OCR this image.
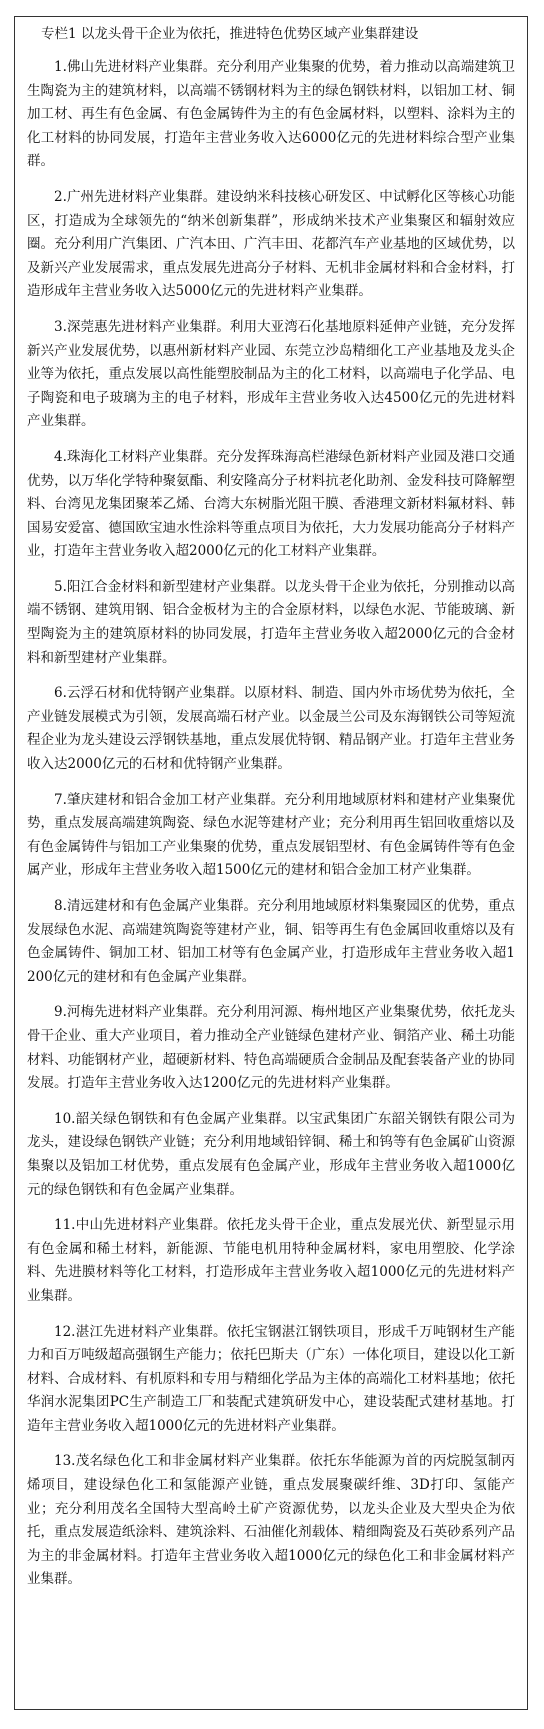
专栏1 以龙头骨干企业为依托，推进特色优势区域产业集群建设

1.佛山先进材料产业集群。充分利用产业集聚的优势，着力推动以高端建筑卫生陶瓷为主的建筑材料，以高端不锈钢材料为主的绿色钢铁材料，以铝加工材、铜加工材、再生有色金属、有色金属铸件为主的有色金属材料，以塑料、涂料为主的化工材料的协同发展，打造年主营业务收入达6000亿元的先进材料综合型产业集群。

2.广州先进材料产业集群。建设纳米科技核心研发区、中试孵化区等核心功能区，打造成为全球领先的“纳米创新集群”，形成纳米技术产业集聚区和辐射效应圈。充分利用广汽集团、广汽本田、广汽丰田、花都汽车产业基地的区域优势，以及新兴产业发展需求，重点发展先进高分子材料、无机非金属材料和合金材料，打造形成年主营业务收入达5000亿元的先进材料产业集群。

3.深莞惠先进材料产业集群。利用大亚湾石化基地原料延伸产业链，充分发挥新兴产业发展优势，以惠州新材料产业园、东莞立沙岛精细化工产业基地及龙头企业等为依托，重点发展以高性能塑胶制品为主的化工材料，以高端电子化学品、电子陶瓷和电子玻璃为主的电子材料，形成年主营业务收入达4500亿元的先进材料产业集群。

4.珠海化工材料产业集群。充分发挥珠海高栏港绿色新材料产业园及港口交通优势，以万华化学特种聚氨酯、利安隆高分子材料抗老化助剂、金发科技可降解塑料、台湾见龙集团聚苯乙烯、台湾大东树脂光阻干膜、香港理文新材料氟材料、韩国易安爱富、德国欧宝迪水性涂料等重点项目为依托，大力发展功能高分子材料产业，打造年主营业务收入超2000亿元的化工材料产业集群。

5.阳江合金材料和新型建材产业集群。以龙头骨干企业为依托，分别推动以高端不锈钢、建筑用钢、铝合金板材为主的合金原材料，以绿色水泥、节能玻璃、新型陶瓷为主的建筑原材料的协同发展，打造年主营业务收入超2000亿元的合金材料和新型建材产业集群。

6.云浮石材和优特钢产业集群。以原材料、制造、国内外市场优势为依托，全产业链发展模式为引领，发展高端石材产业。以金晟兰公司及东海钢铁公司等短流程企业为龙头建设云浮钢铁基地，重点发展优特钢、精品钢产业。打造年主营业务收入达2000亿元的石材和优特钢产业集群。

7.肇庆建材和铝合金加工材产业集群。充分利用地域原材料和建材产业集聚优势，重点发展高端建筑陶瓷、绿色水泥等建材产业；充分利用再生铝回收重熔以及有色金属铸件与铝加工产业集聚的优势，重点发展铝型材、有色金属铸件等有色金属产业，形成年主营业务收入超1500亿元的建材和铝合金加工材产业集群。

8.清远建材和有色金属产业集群。充分利用地域原材料集聚园区的优势，重点发展绿色水泥、高端建筑陶瓷等建材产业，铜、铝等再生有色金属回收重熔以及有色金属铸件、铜加工材、铝加工材等有色金属产业，打造形成年主营业务收入超1200亿元的建材和有色金属产业集群。

9.河梅先进材料产业集群。充分利用河源、梅州地区产业集聚优势，依托龙头骨干企业、重大产业项目，着力推动全产业链绿色建材产业、铜箔产业、稀土功能材料、功能钢材产业，超硬新材料、特色高端硬质合金制品及配套装备产业的协同发展。打造年主营业务收入达1200亿元的先进材料产业集群。

10.韶关绿色钢铁和有色金属产业集群。以宝武集团广东韶关钢铁有限公司为龙头，建设绿色钢铁产业链；充分利用地域铅锌铜、稀土和钨等有色金属矿山资源集聚以及铝加工材优势，重点发展有色金属产业，形成年主营业务收入超1000亿元的绿色钢铁和有色金属产业集群。

11.中山先进材料产业集群。依托龙头骨干企业，重点发展光伏、新型显示用有色金属和稀土材料，新能源、节能电机用特种金属材料，家电用塑胶、化学涂料、先进膜材料等化工材料，打造形成年主营业务收入超1000亿元的先进材料产业集群。

12.湛江先进材料产业集群。依托宝钢湛江钢铁项目，形成千万吨钢材生产能力和百万吨级超高强钢生产能力；依托巴斯夫（广东）一体化项目，建设以化工新材料、合成材料、有机原料和专用与精细化学品为主体的高端化工材料基地；依托华润水泥集团PC生产制造工厂和装配式建筑研发中心，建设装配式建材基地。打造年主营业务收入超1000亿元的先进材料产业集群。

13.茂名绿色化工和非金属材料产业集群。依托东华能源为首的丙烷脱氢制丙烯项目，建设绿色化工和氢能源产业链，重点发展聚碳纤维、3D打印、氢能产业；充分利用茂名全国特大型高岭土矿产资源优势，以龙头企业及大型央企为依托，重点发展造纸涂料、建筑涂料、石油催化剂载体、精细陶瓷及石英砂系列产品为主的非金属材料。打造年主营业务收入超1000亿元的绿色化工和非金属材料产业集群。
